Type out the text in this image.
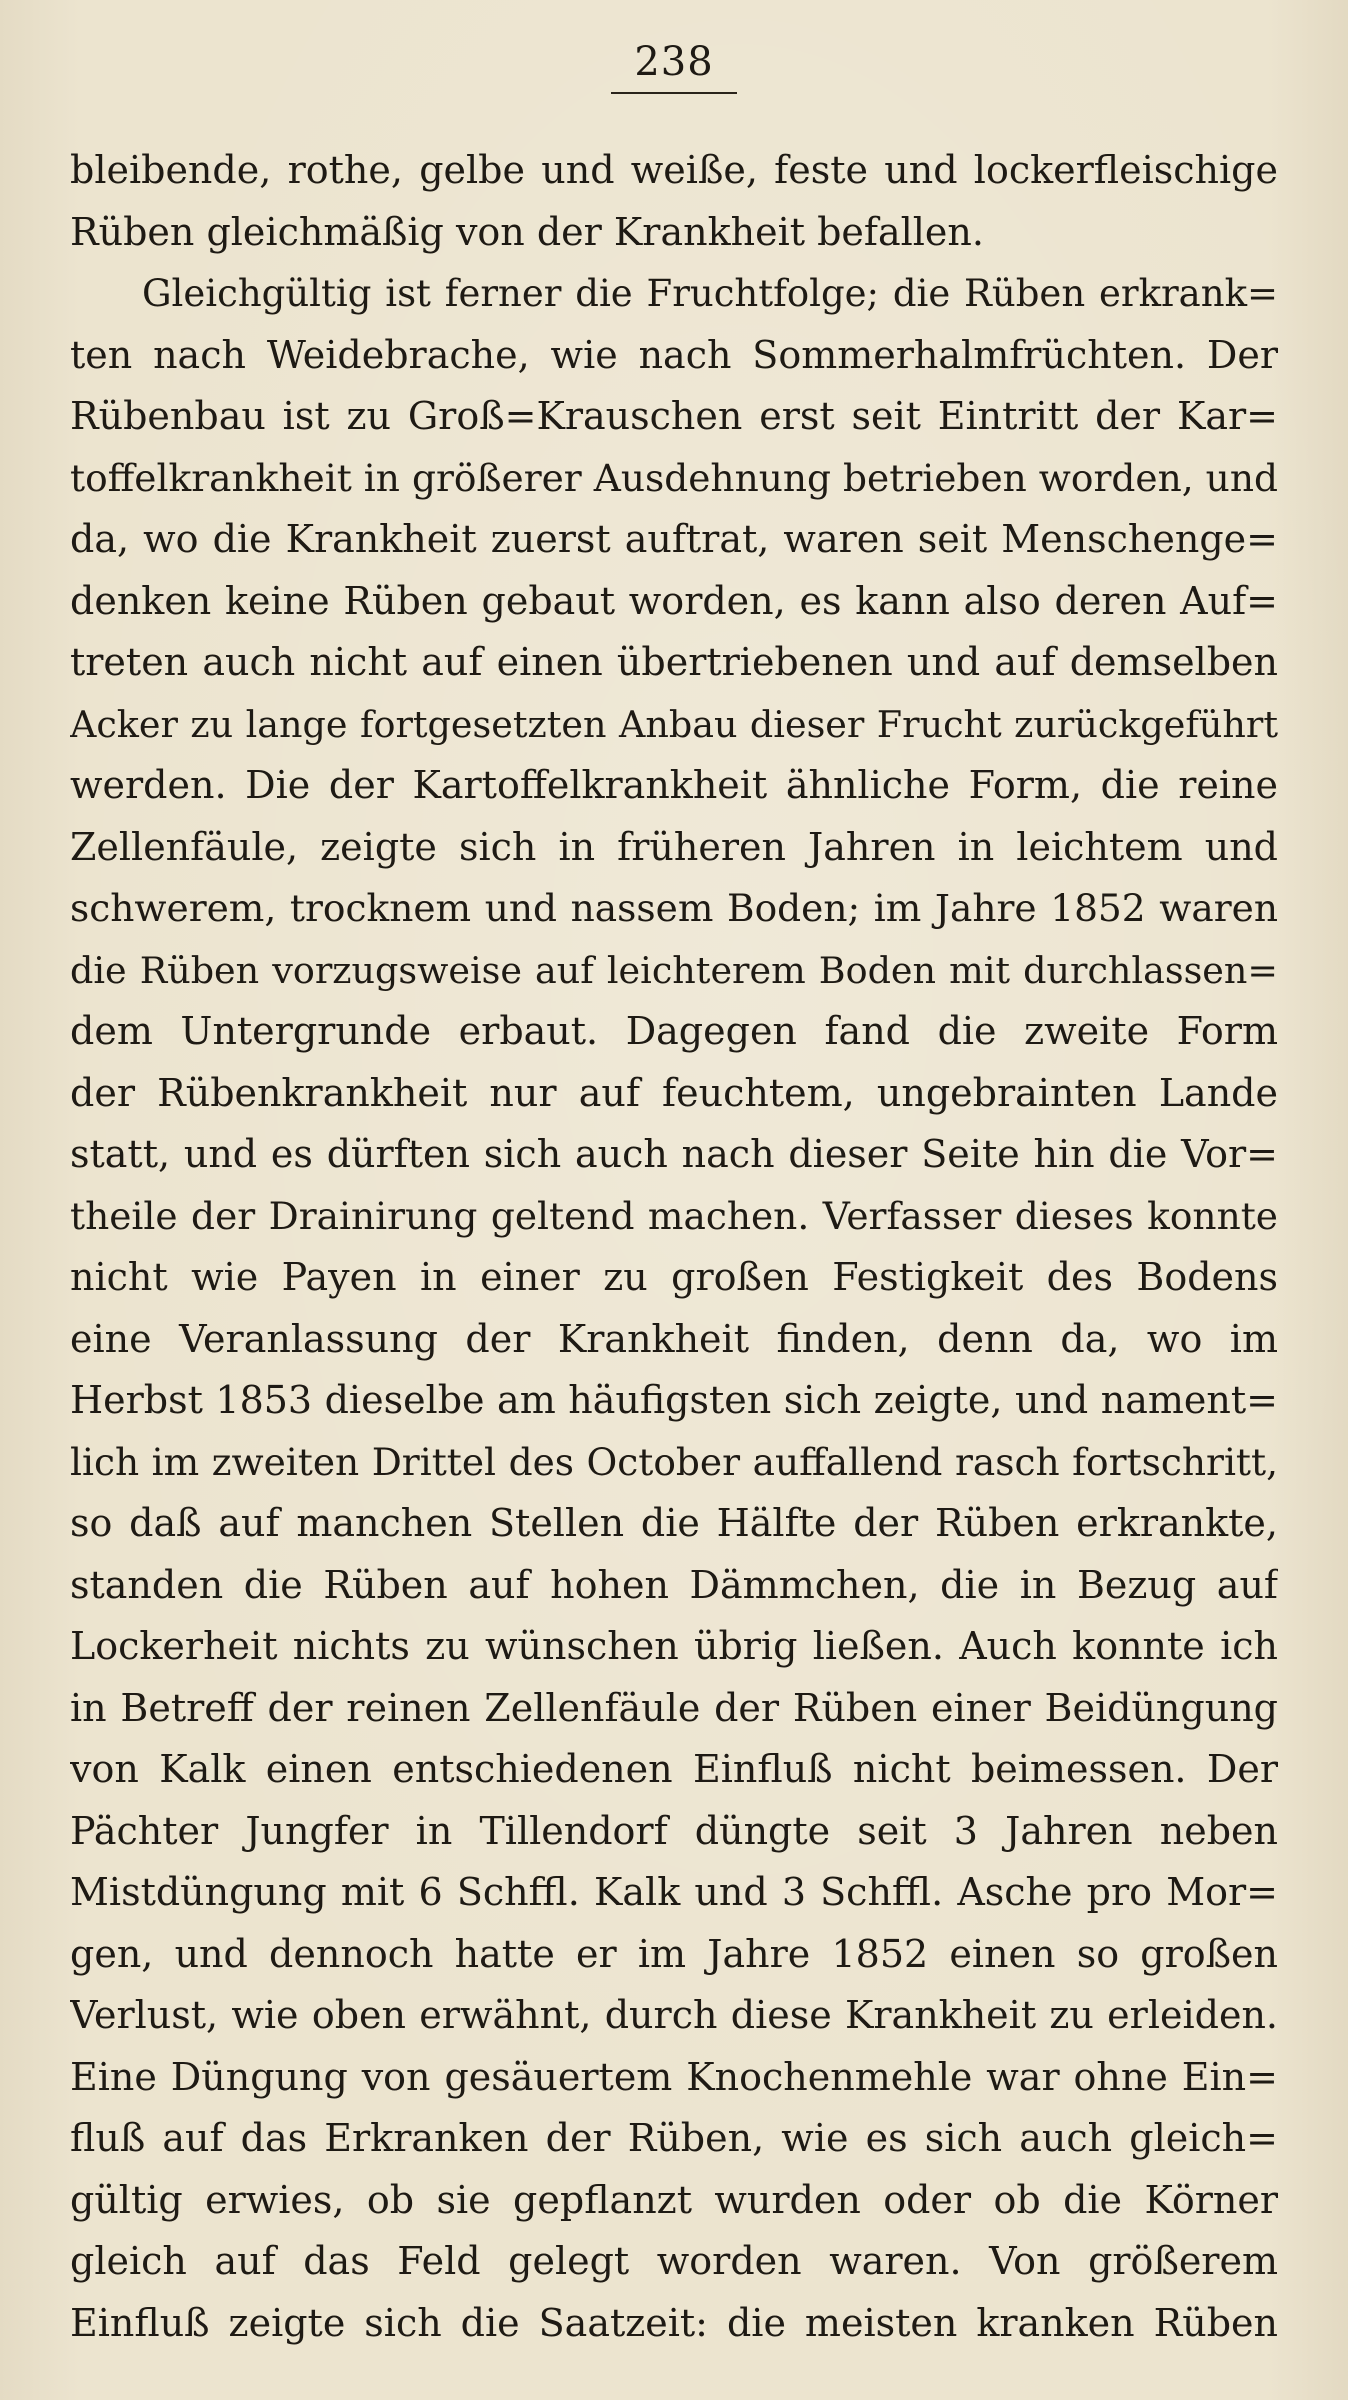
238
bleibende, rothe, gelbe und weiße, feste und lockerfleischige
Rüben gleichmäßig von der Krankheit befallen.
Gleichgültig ist ferner die Fruchtfolge; die Rüben erkrank=
ten nach Weidebrache, wie nach Sommerhalmfrüchten. Der
Rübenbau ist zu Groß=Krauschen erst seit Eintritt der Kar=
toffelkrankheit in größerer Ausdehnung betrieben worden, und
da, wo die Krankheit zuerst auftrat, waren seit Menschenge=
denken keine Rüben gebaut worden, es kann also deren Auf=
treten auch nicht auf einen übertriebenen und auf demselben
Acker zu lange fortgesetzten Anbau dieser Frucht zurückgeführt
werden. Die der Kartoffelkrankheit ähnliche Form, die reine
Zellenfäule, zeigte sich in früheren Jahren in leichtem und
schwerem, trocknem und nassem Boden; im Jahre 1852 waren
die Rüben vorzugsweise auf leichterem Boden mit durchlassen=
dem Untergrunde erbaut. Dagegen fand die zweite Form
der Rübenkrankheit nur auf feuchtem, ungebrainten Lande
statt, und es dürften sich auch nach dieser Seite hin die Vor=
theile der Drainirung geltend machen. Verfasser dieses konnte
nicht wie Payen in einer zu großen Festigkeit des Bodens
eine Veranlassung der Krankheit finden, denn da, wo im
Herbst 1853 dieselbe am häufigsten sich zeigte, und nament=
lich im zweiten Drittel des October auffallend rasch fortschritt,
so daß auf manchen Stellen die Hälfte der Rüben erkrankte,
standen die Rüben auf hohen Dämmchen, die in Bezug auf
Lockerheit nichts zu wünschen übrig ließen. Auch konnte ich
in Betreff der reinen Zellenfäule der Rüben einer Beidüngung
von Kalk einen entschiedenen Einfluß nicht beimessen. Der
Pächter Jungfer in Tillendorf düngte seit 3 Jahren neben
Mistdüngung mit 6 Schffl. Kalk und 3 Schffl. Asche pro Mor=
gen, und dennoch hatte er im Jahre 1852 einen so großen
Verlust, wie oben erwähnt, durch diese Krankheit zu erleiden.
Eine Düngung von gesäuertem Knochenmehle war ohne Ein=
fluß auf das Erkranken der Rüben, wie es sich auch gleich=
gültig erwies, ob sie gepflanzt wurden oder ob die Körner
gleich auf das Feld gelegt worden waren. Von größerem
Einfluß zeigte sich die Saatzeit: die meisten kranken Rüben
